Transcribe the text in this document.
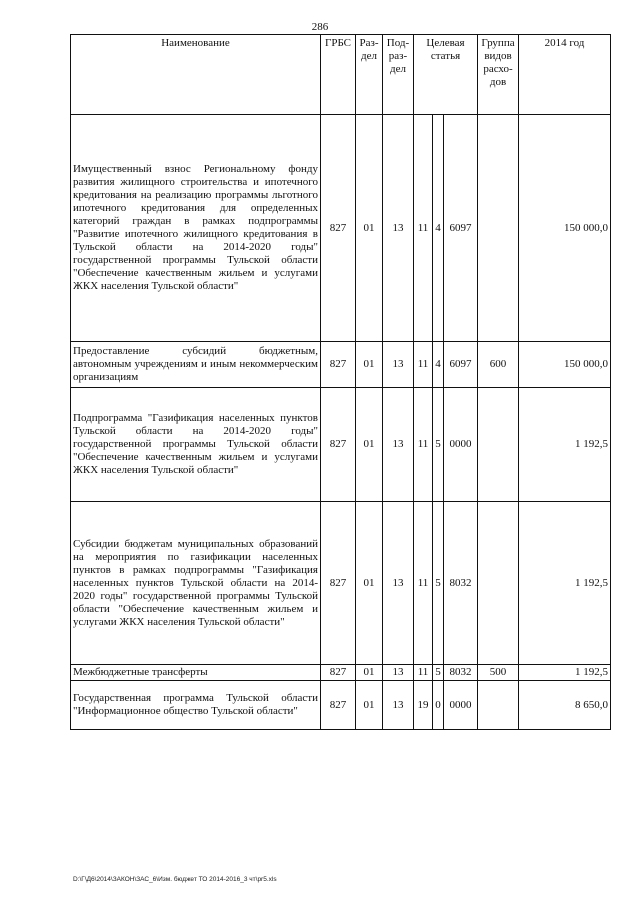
286
Наименование	ГРБС	Раз-дел	Под-раз-дел	Целевая статья			Группа видов расхо-дов	2014 год
Имущественный взнос Региональному фонду развития жилищного строительства и ипотечного кредитования на реализацию программы льготного ипотечного кредитования для определенных категорий граждан в рамках подпрограммы "Развитие ипотечного жилищного кредитования в Тульской области на 2014-2020 годы" государственной программы Тульской области "Обеспечение качественным жильем и услугами ЖКХ населения Тульской области"	827	01	13	11	4	6097		150 000,0
Предоставление субсидий бюджетным, автономным учреждениям и иным некоммерческим организациям	827	01	13	11	4	6097	600	150 000,0
Подпрограмма "Газификация населенных пунктов Тульской области на 2014-2020 годы" государственной программы Тульской области "Обеспечение качественным жильем и услугами ЖКХ населения Тульской области"	827	01	13	11	5	0000		1 192,5
Субсидии бюджетам муниципальных образований на мероприятия по газификации населенных пунктов в рамках подпрограммы "Газификация населенных пунктов Тульской области на 2014-2020 годы" государственной программы Тульской области "Обеспечение качественным жильем и услугами ЖКХ населения Тульской области"	827	01	13	11	5	8032		1 192,5
Межбюджетные трансферты	827	01	13	11	5	8032	500	1 192,5
Государственная программа Тульской области "Информационное общество Тульской области"	827	01	13	19	0	0000		8 650,0
D:\Г\Д6\2014\ЗАКОН\ЗАС_6\Изм. бюджет ТО 2014-2016_3 чт\pr5.xls
